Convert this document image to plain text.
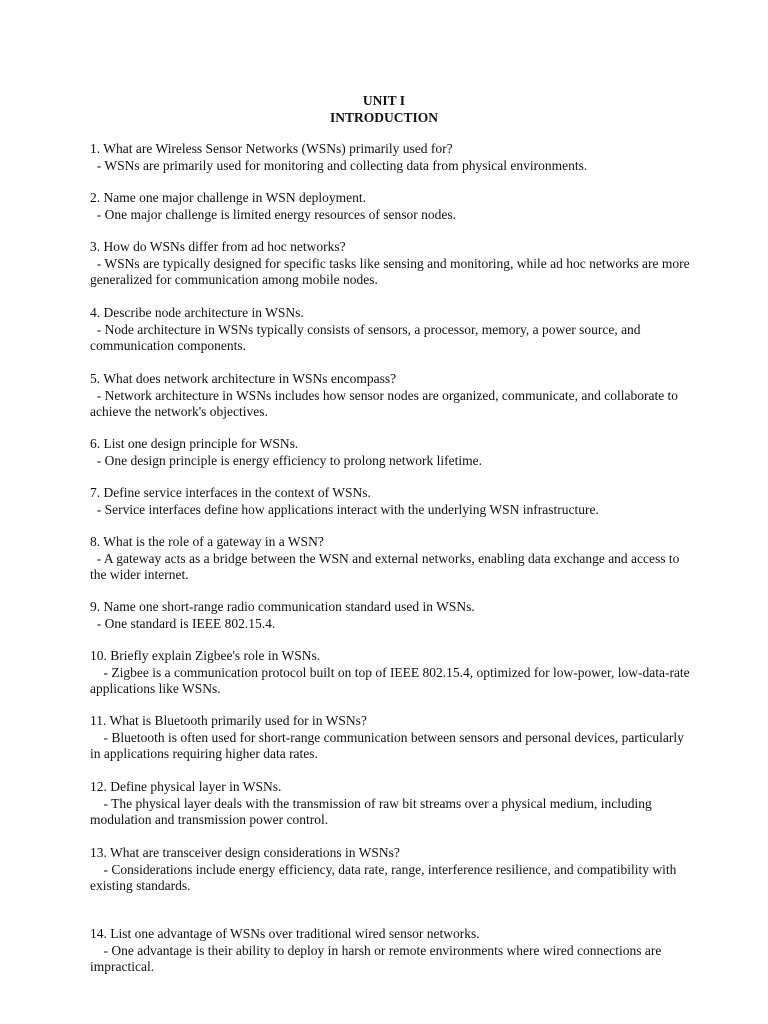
UNIT I
INTRODUCTION

1. What are Wireless Sensor Networks (WSNs) primarily used for?

- WSNs are primarily used for monitoring and collecting data from physical environments.

2. Name one major challenge in WSN deployment.

- One major challenge is limited energy resources of sensor nodes.

3. How do WSNs differ from ad hoc networks?

- WSNs are typically designed for specific tasks like sensing and monitoring, while ad hoc networks are more generalized for communication among mobile nodes.

4. Describe node architecture in WSNs.

- Node architecture in WSNs typically consists of sensors, a processor, memory, a power source, and communication components.

5. What does network architecture in WSNs encompass?

- Network architecture in WSNs includes how sensor nodes are organized, communicate, and collaborate to achieve the network's objectives.

6. List one design principle for WSNs.

- One design principle is energy efficiency to prolong network lifetime.

7. Define service interfaces in the context of WSNs.

- Service interfaces define how applications interact with the underlying WSN infrastructure.

8. What is the role of a gateway in a WSN?

- A gateway acts as a bridge between the WSN and external networks, enabling data exchange and access to the wider internet.

9. Name one short-range radio communication standard used in WSNs.

- One standard is IEEE 802.15.4.

10. Briefly explain Zigbee's role in WSNs.

- Zigbee is a communication protocol built on top of IEEE 802.15.4, optimized for low-power, low-data-rate applications like WSNs.

11. What is Bluetooth primarily used for in WSNs?

- Bluetooth is often used for short-range communication between sensors and personal devices, particularly in applications requiring higher data rates.

12. Define physical layer in WSNs.

- The physical layer deals with the transmission of raw bit streams over a physical medium, including modulation and transmission power control.

13. What are transceiver design considerations in WSNs?

- Considerations include energy efficiency, data rate, range, interference resilience, and compatibility with existing standards.

14. List one advantage of WSNs over traditional wired sensor networks.

- One advantage is their ability to deploy in harsh or remote environments where wired connections are impractical.
